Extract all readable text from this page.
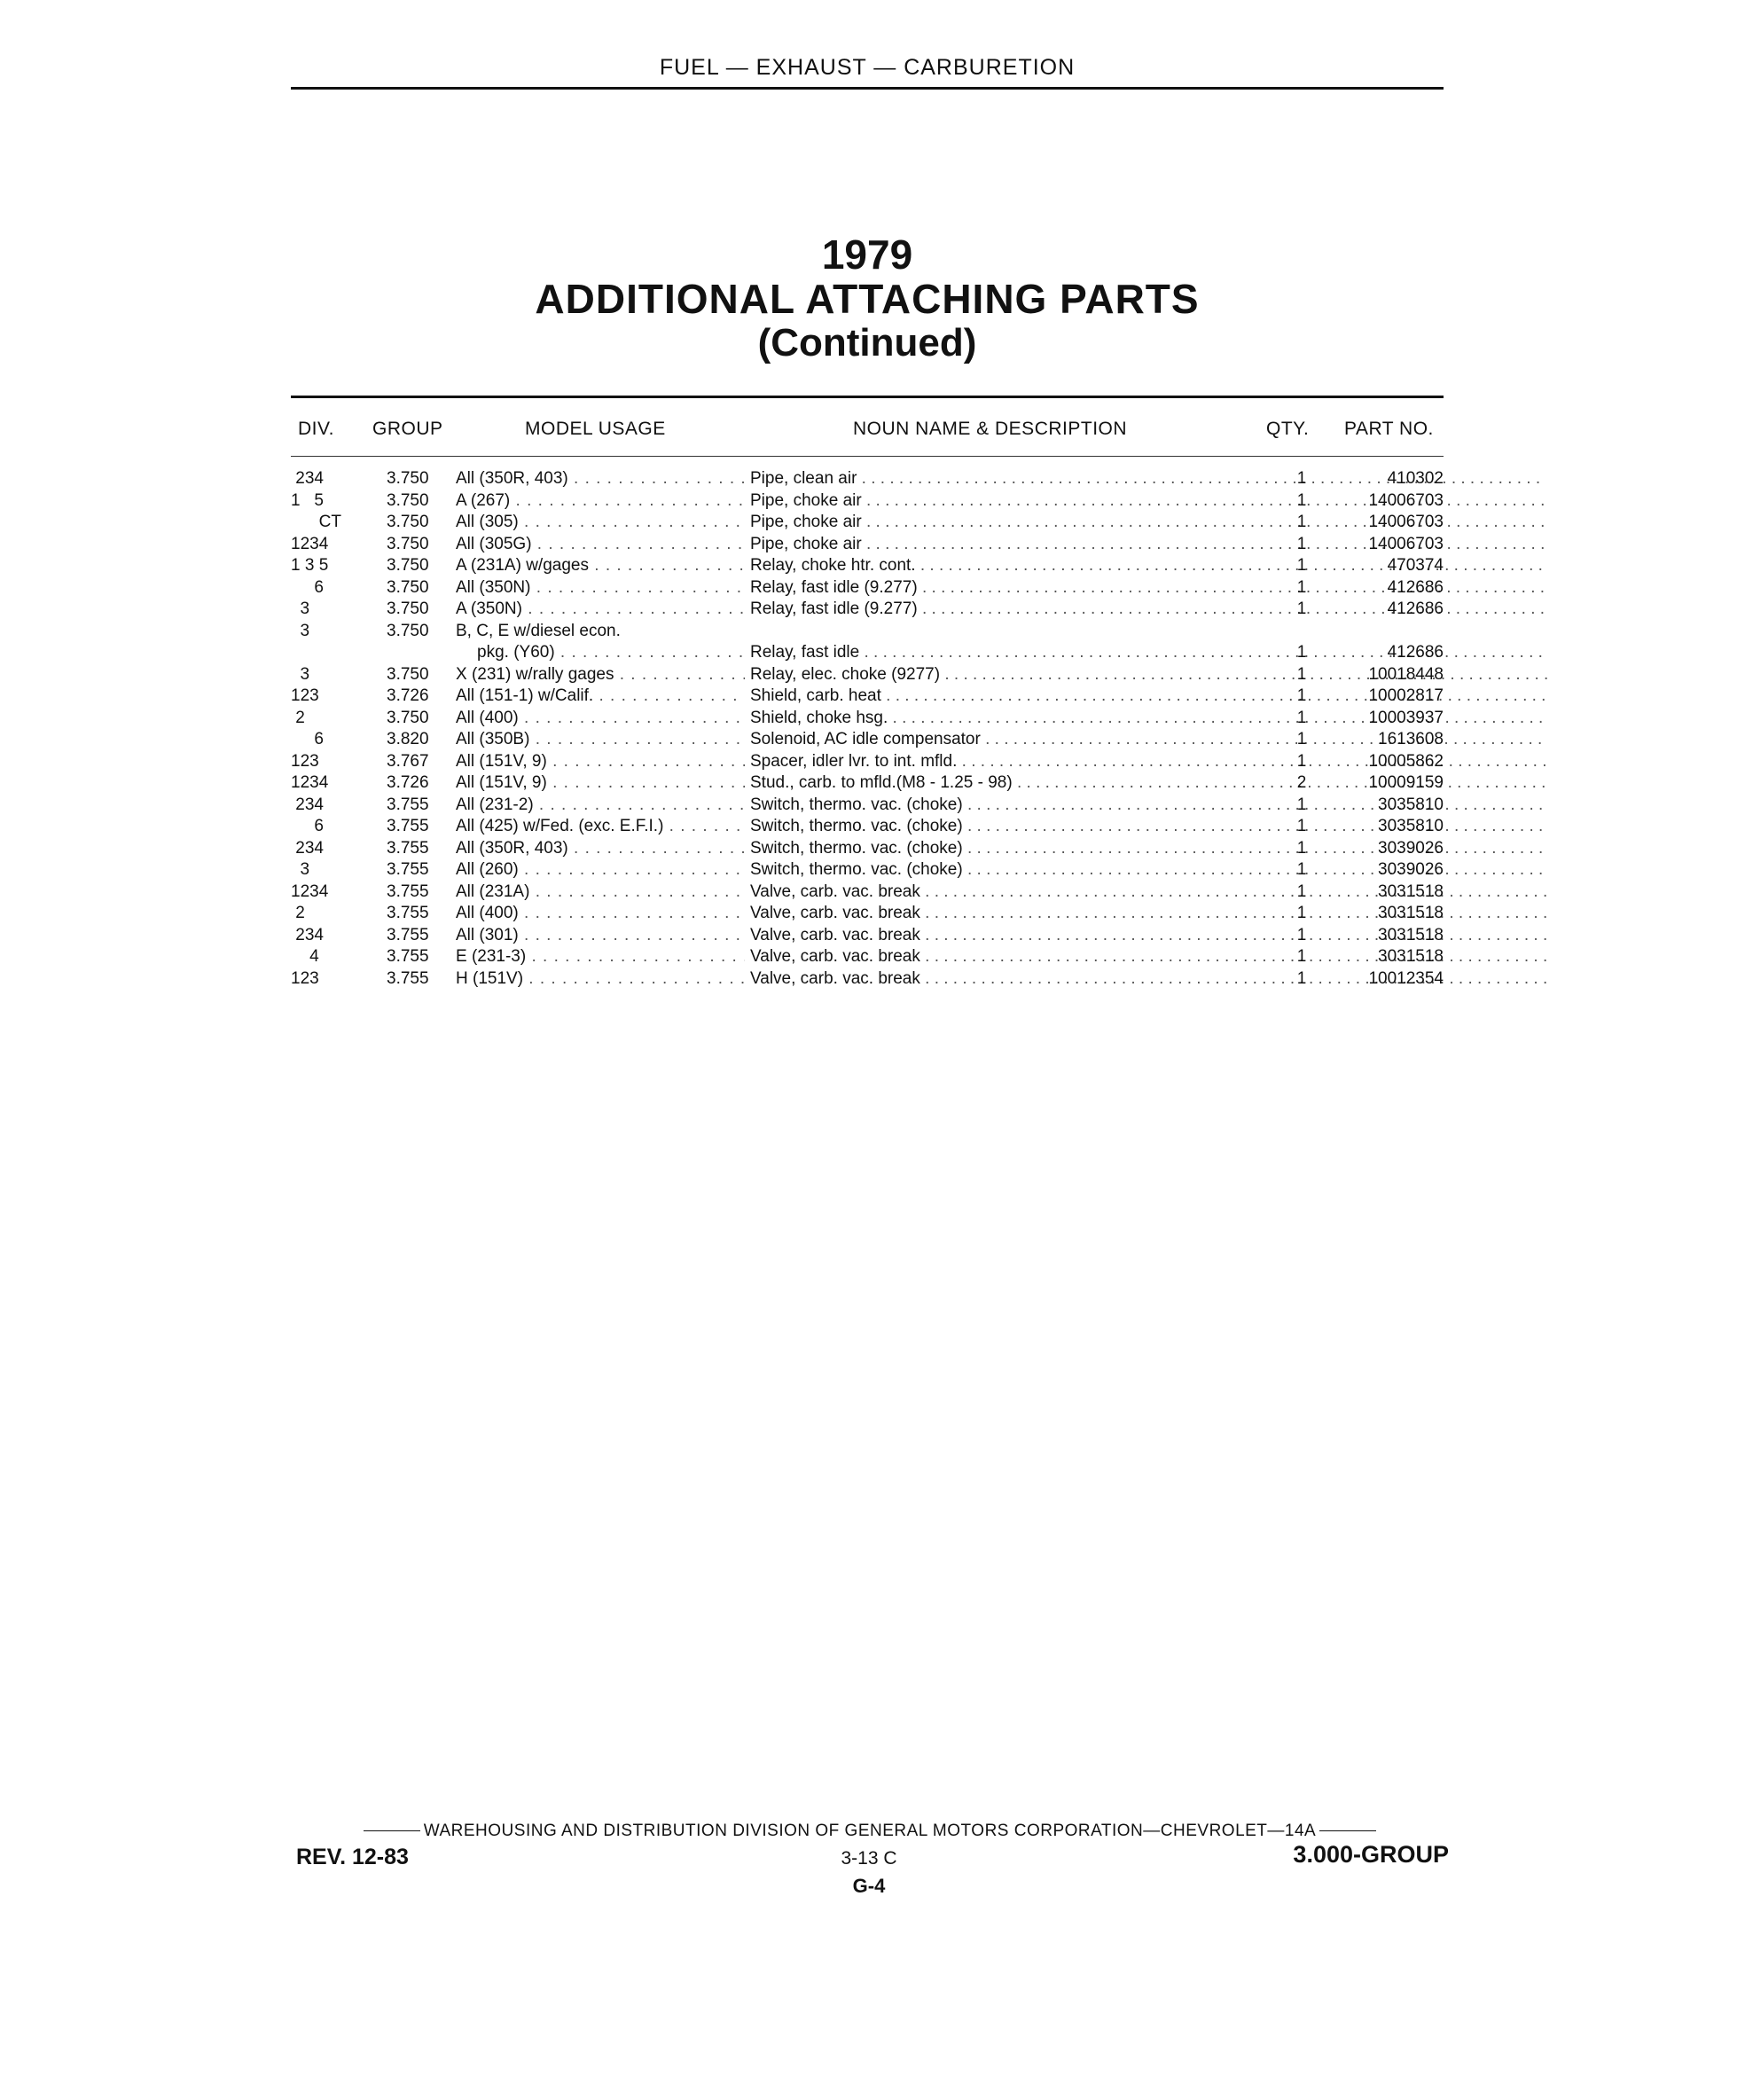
FUEL — EXHAUST — CARBURETION
1979
ADDITIONAL ATTACHING PARTS
(Continued)
DIV. GROUP	MODEL USAGE	NOUN NAME & DESCRIPTION	QTY. PART NO.
234	3.750	All (350R, 403) . . .	Pipe, clean air . . .	1	410302
1   5	3.750	A (267) . . .	Pipe, choke air . . .	1	14006703
CT	3.750	All (305) . . .	Pipe, choke air . . .	1	14006703
1234	3.750	All (305G) . . .	Pipe, choke air . . .	1	14006703
1 3 5	3.750	A (231A) w/gages . . .	Relay, choke htr. cont. . . .	1	470374
6	3.750	All (350N) . . .	Relay, fast idle (9.277) . . .	1	412686
3	3.750	A (350N) . . .	Relay, fast idle (9.277) . . .	1	412686
3	3.750	B, C, E w/diesel econ.
pkg. (Y60) . . .	Relay, fast idle . . .	1	412686
3	3.750	X (231) w/rally gages . . .	Relay, elec. choke (9277) . . .	1	10018448
123	3.726	All (151-1) w/Calif. . . .	Shield, carb. heat . . .	1	10002817
2	3.750	All (400) . . .	Shield, choke hsg. . . .	1	10003937
6	3.820	All (350B) . . .	Solenoid, AC idle compensator . . .	1	1613608
123	3.767	All (151V, 9) . . .	Spacer, idler lvr. to int. mfld. . . .	1	10005862
1234	3.726	All (151V, 9) . . .	Stud., carb. to mfld.(M8 - 1.25 - 98) . . .	2	10009159
234	3.755	All (231-2) . . .	Switch, thermo. vac. (choke) . . .	1	3035810
6	3.755	All (425) w/Fed. (exc. E.F.I.) . . .	Switch, thermo. vac. (choke) . . .	1	3035810
234	3.755	All (350R, 403) . . .	Switch, thermo. vac. (choke) . . .	1	3039026
3	3.755	All (260) . . .	Switch, thermo. vac. (choke) . . .	1	3039026
1234	3.755	All (231A) . . .	Valve, carb. vac. break . . .	1	3031518
2	3.755	All (400) . . .	Valve, carb. vac. break . . .	1	3031518
234	3.755	All (301) . . .	Valve, carb. vac. break . . .	1	3031518
4	3.755	E (231-3) . . .	Valve, carb. vac. break . . .	1	3031518
123	3.755	H (151V) . . .	Valve, carb. vac. break . . .	1	10012354
WAREHOUSING AND DISTRIBUTION DIVISION OF GENERAL MOTORS CORPORATION—CHEVROLET—14A
REV. 12-83	3-13 C	3.000-GROUP
G-4
